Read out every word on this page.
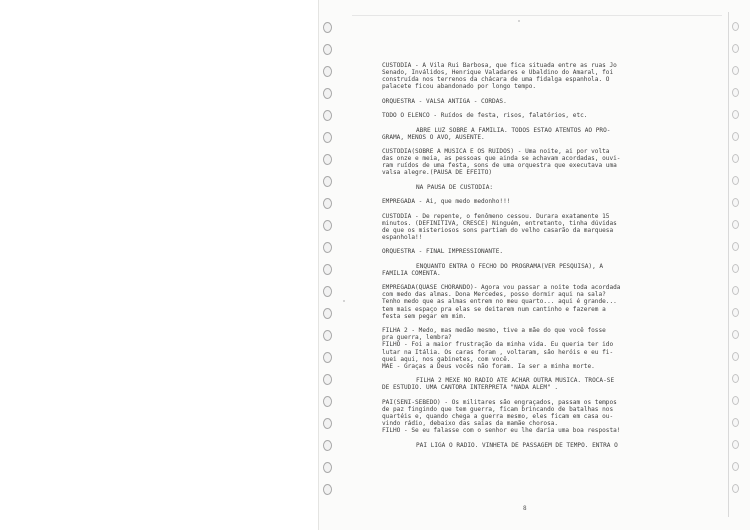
CUSTODIA - A Vila Rui Barbosa, que fica situada entre as ruas Jo
Senado, Inválidos, Henrique Valadares e Ubaldino do Amaral, foi
construída nos terrenos da chácara de uma fidalga espanhola. O
palacete ficou abandonado por longo tempo.
ORQUESTRA - VALSA ANTIGA - CORDAS.
TODO O ELENCO - Ruídos de festa, risos, falatórios, etc.
ABRE LUZ SOBRE A FAMILIA. TODOS ESTAO ATENTOS AO PRO-
GRAMA, MENOS O AVO, AUSENTE.
CUSTODIA(SOBRE A MUSICA E OS RUIDOS) - Uma noite, ai por volta
das onze e meia, as pessoas que ainda se achavam acordadas, ouvi-
ram ruídos de uma festa, sons de uma orquestra que executava uma
valsa alegre.(PAUSA DE EFEITO)
NA PAUSA DE CUSTODIA:
EMPREGADA - Ai, que medo medonho!!!
CUSTODIA - De repente, o fenômeno cessou. Durara exatamente 15
minutos. (DEFINITIVA, CRESCE) Ninguém, entretanto, tinha dúvidas
de que os misteriosos sons partiam do velho casarão da marquesa
espanhola!!
ORQUESTRA - FINAL IMPRESSIONANTE.
ENQUANTO ENTRA O FECHO DO PROGRAMA(VER PESQUISA), A
FAMILIA COMENTA.
EMPREGADA(QUASE CHORANDO)- Agora vou passar a noite toda acordada
com medo das almas. Dona Mercedes, posso dormir aqui na sala?
Tenho medo que as almas entrem no meu quarto... aqui é grande...
tem mais espaço pra elas se deitarem num cantinho e fazerem a
festa sem pegar em mim.
FILHA 2 - Medo, mas medão mesmo, tive a mãe do que você fosse
pra guerra, lembra?
FILHO - Foi a maior frustração da minha vida. Eu queria ter ido
lutar na Itália. Os caras foram , voltaram, são heróis e eu fi-
quei aqui, nos gabinetes, com você.
MAE - Graças a Deus vocês não foram. Ia ser a minha morte.
FILHA 2 MEXE NO RADIO ATE ACHAR OUTRA MUSICA. TROCA-SE
DE ESTUDIO. UMA CANTORA INTERPRETA "NADA ALEM" .
PAI(SENI-SEBEDO) - Os militares são engraçados, passam os tempos
de paz fingindo que tem guerra, ficam brincando de batalhas nos
quartéis e, quando chega a guerra mesmo, eles ficam em casa ou-
vindo rádio, debaixo das saias da mamãe chorosa.
FILHO - Se eu falasse com o senhor eu lhe daria uma boa resposta!
PAI LIGA O RADIO. VINHETA DE PASSAGEM DE TEMPO. ENTRA O
8
